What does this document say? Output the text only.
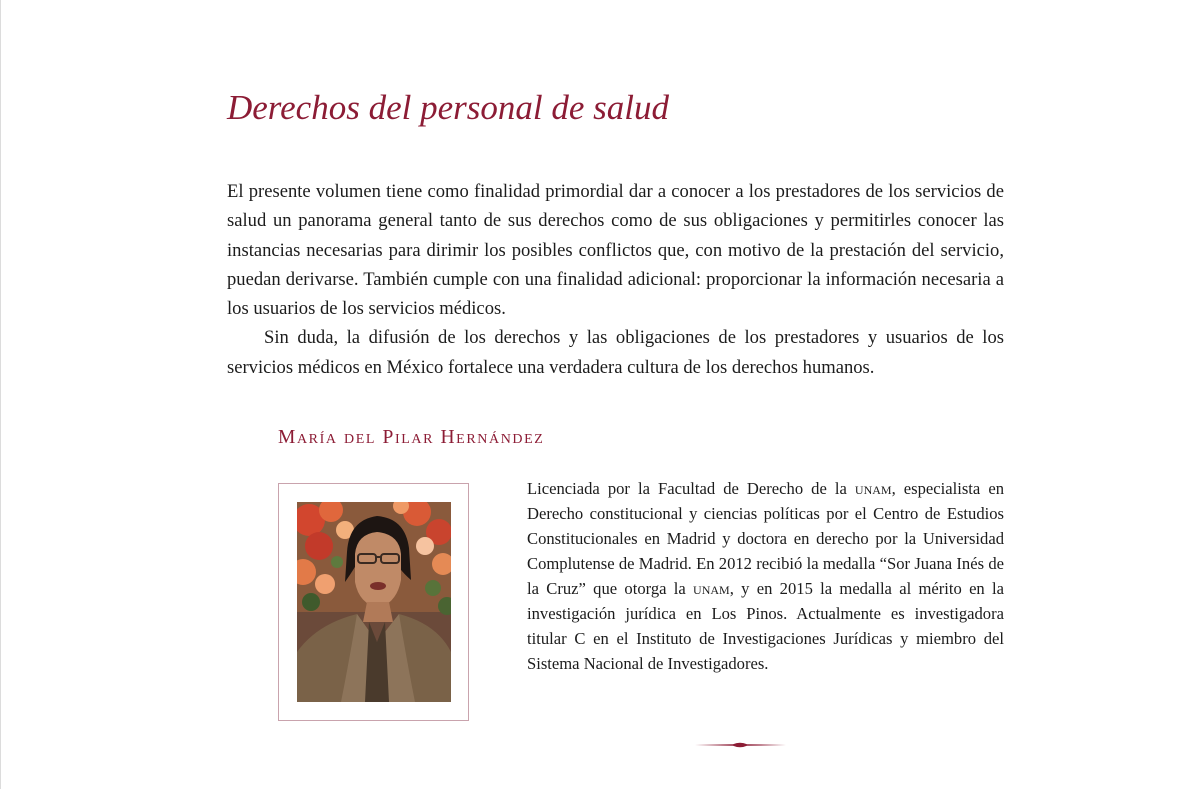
Derechos del personal de salud

El presente volumen tiene como finalidad primordial dar a conocer a los prestadores de los servicios de salud un panorama general tanto de sus derechos como de sus obligaciones y permitirles conocer las instancias necesarias para dirimir los posibles conflictos que, con motivo de la prestación del servicio, puedan derivarse. También cumple con una finalidad adicional: proporcionar la información necesaria a los usuarios de los servicios médicos.

Sin duda, la difusión de los derechos y las obligaciones de los prestadores y usuarios de los servicios médicos en México fortalece una verdadera cultura de los derechos humanos.

María del Pilar Hernández

Licenciada por la Facultad de Derecho de la unam, especialista en Derecho constitucional y ciencias políticas por el Centro de Estudios Constitucionales en Madrid y doctora en derecho por la Universidad Complutense de Madrid. En 2012 recibió la medalla “Sor Juana Inés de la Cruz” que otorga la unam, y en 2015 la medalla al mérito en la investigación jurídica en Los Pinos. Actualmente es investigadora titular C en el Instituto de Investigaciones Jurídicas y miembro del Sistema Nacional de Investigadores.
